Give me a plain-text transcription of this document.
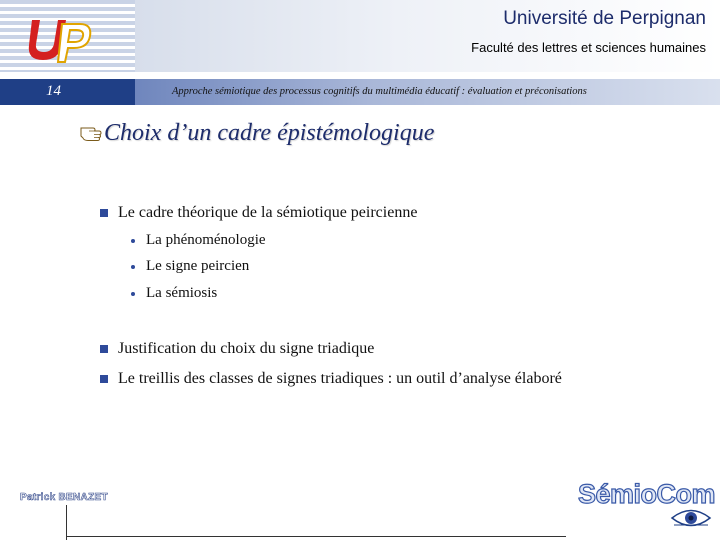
Université de Perpignan
Faculté des lettres et sciences humaines
14	Approche sémiotique des processus cognitifs du multimédia éducatif : évaluation et préconisations
Choix d’un cadre épistémologique
Le cadre théorique de la sémiotique peircienne
La phénoménologie
Le signe peircien
La sémiosis
Justification du choix du signe triadique
Le treillis des classes de signes triadiques : un outil d’analyse élaboré
Patrick BENAZET	SémioCom
